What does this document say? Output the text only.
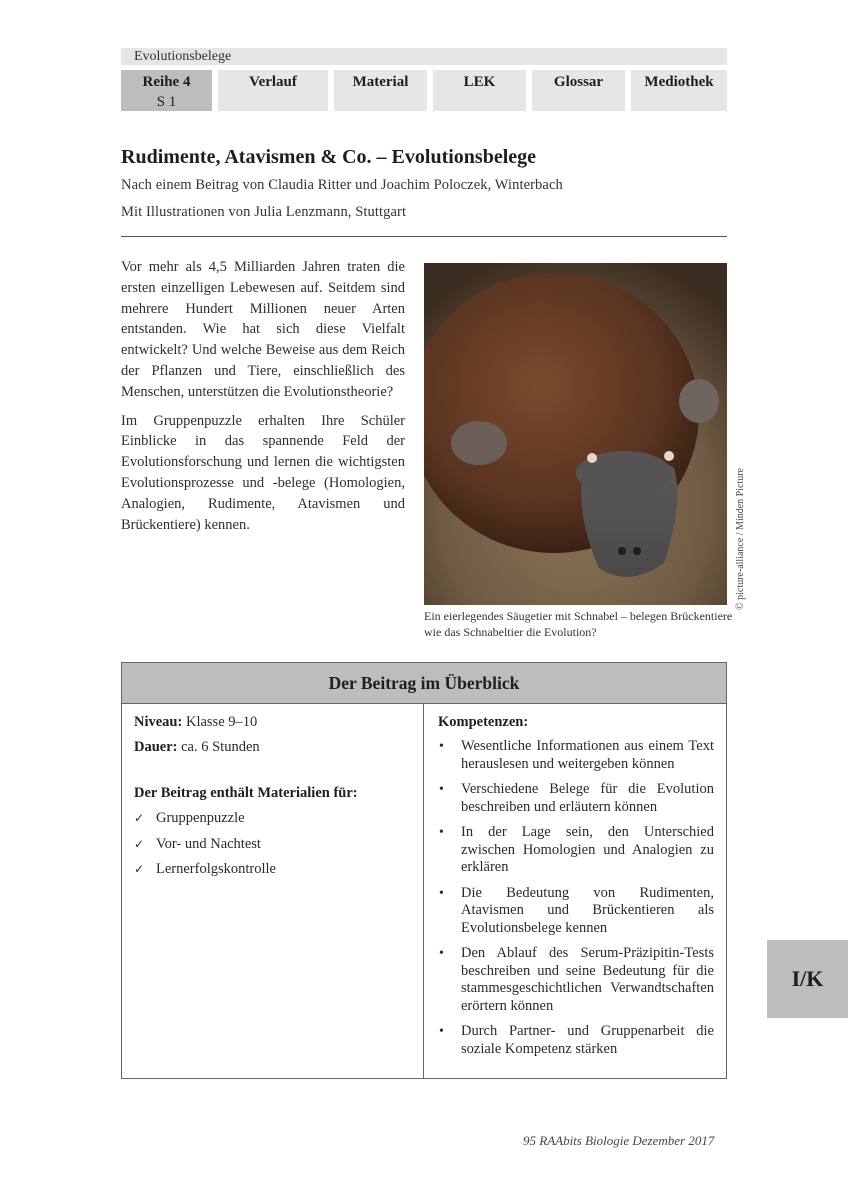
Evolutionsbelege
Reihe 4
S 1
Verlauf	Material	LEK	Glossar	Mediothek
Rudimente, Atavismen & Co. – Evolutionsbelege
Nach einem Beitrag von Claudia Ritter und Joachim Poloczek, Winterbach
Mit Illustrationen von Julia Lenzmann, Stuttgart

Vor mehr als 4,5 Milliarden Jahren traten die ersten einzelligen Lebewesen auf. Seitdem sind mehrere Hundert Millionen neuer Arten entstanden. Wie hat sich diese Vielfalt entwickelt? Und welche Beweise aus dem Reich der Pflanzen und Tiere, einschließlich des Menschen, unterstützen die Evolutionstheorie?

Im Gruppenpuzzle erhalten Ihre Schüler Einblicke in das spannende Feld der Evolutionsforschung und lernen die wichtigsten Evolutionsprozesse und -belege (Homologien, Analogien, Rudimente, Atavismen und Brückentiere) kennen.	© picture-alliance / Minden Picture
Ein eierlegendes Säugetier mit Schnabel – belegen Brückentiere wie das Schnabeltier die Evolution?
Der Beitrag im Überblick
Niveau: Klasse 9–10
Dauer: ca. 6 Stunden
Der Beitrag enthält Materialien für:
✓ Gruppenpuzzle
✓ Vor- und Nachtest
✓ Lernerfolgskontrolle
Kompetenzen:
•	Wesentliche Informationen aus einem Text herauslesen und weitergeben können
•	Verschiedene Belege für die Evolution beschreiben und erläutern können
•	In der Lage sein, den Unterschied zwischen Homologien und Analogien zu erklären
•	Die Bedeutung von Rudimenten, Atavismen und Brückentieren als Evolutionsbelege kennen
•	Den Ablauf des Serum-Präzipitin-Tests beschreiben und seine Bedeutung für die stammesgeschichtlichen Verwandtschaften erörtern können
•	Durch Partner- und Gruppenarbeit die soziale Kompetenz stärken
I/K
95 RAAbits Biologie Dezember 2017
